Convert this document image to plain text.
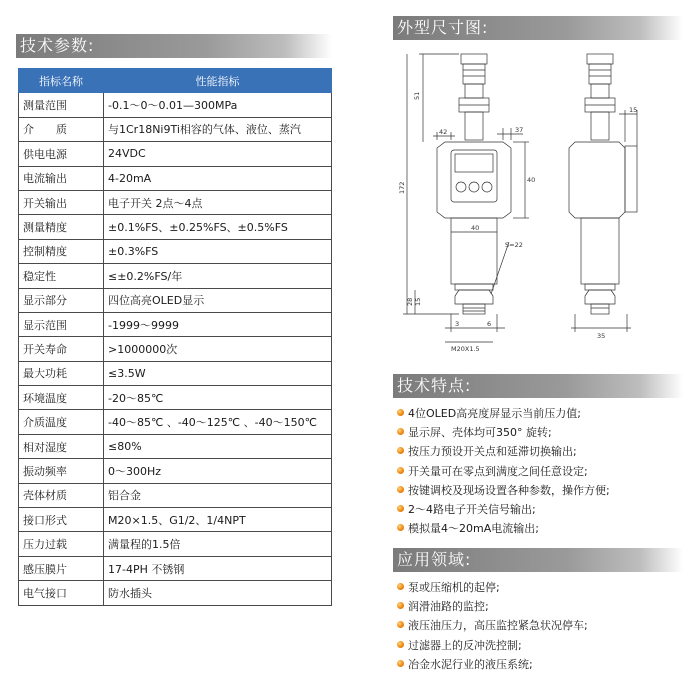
技术参数:
指标名称	性能指标
测量范围	-0.1～0～0.01—300MPa
介　　质	与1Cr18Ni9Ti相容的气体、液位、蒸汽
供电电源	24VDC
电流输出	4-20mA
开关输出	电子开关 2点～4点
测量精度	±0.1%FS、±0.25%FS、±0.5%FS
控制精度	±0.3%FS
稳定性	≤±0.2%FS/年
显示部分	四位高亮OLED显示
显示范围	-1999～9999
开关寿命	>1000000次
最大功耗	≤3.5W
环境温度	-20～85℃
介质温度	-40～85℃ 、-40～125℃ 、-40～150℃
相对湿度	≤80%
振动频率	0～300Hz
壳体材质	铝合金
接口形式	M20×1.5、G1/2、1/4NPT
压力过载	满量程的1.5倍
感压膜片	17-4PH 不锈钢
电气接口	防水插头
外型尺寸图:
51
172
42	37
40
40
S=22
28 15
3	6
M20X1.5
15
35
技术特点:
4位OLED高亮度屏显示当前压力值;
显示屏、壳体均可350° 旋转;
按压力预设开关点和延滞切换输出;
开关量可在零点到满度之间任意设定;
按键调校及现场设置各种参数，操作方便;
2～4路电子开关信号输出;
模拟量4～20mA电流输出;
应用领域:
泵或压缩机的起停;
润滑油路的监控;
液压油压力，高压监控紧急状况停车;
过滤器上的反冲洗控制;
冶金水泥行业的液压系统;
